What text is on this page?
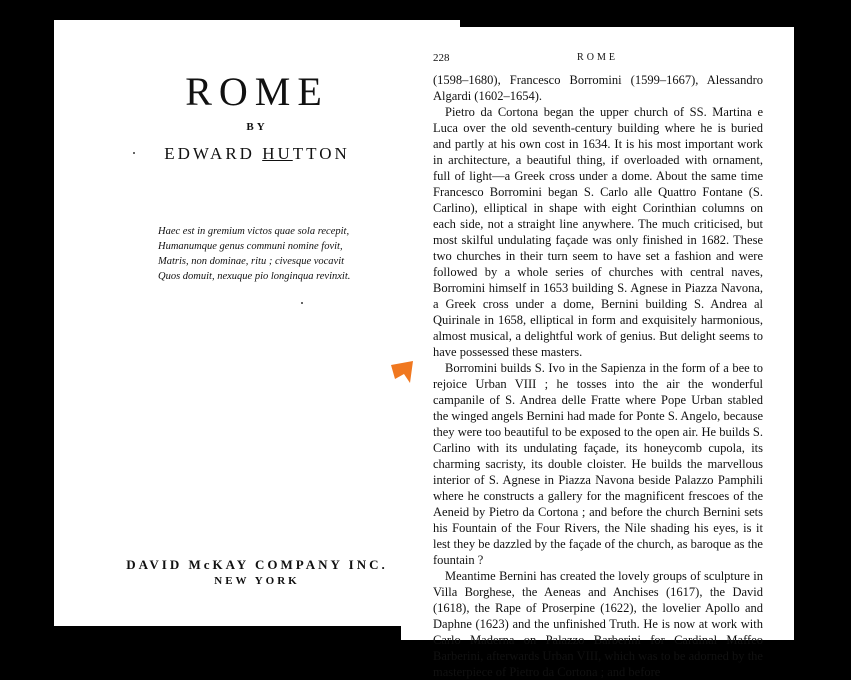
ROME
BY
EDWARD HUTTON
Haec est in gremium victos quae sola recepit,
Humanumque genus communi nomine fovit,
Matris, non dominae, ritu ; civesque vocavit
Quos domuit, nexuque pio longinqua revinxit.
DAVID McKAY COMPANY INC.
NEW YORK
228	ROME

(1598–1680), Francesco Borromini (1599–1667), Alessandro Algardi (1602–1654).

Pietro da Cortona began the upper church of SS. Martina e Luca over the old seventh-century building where he is buried and partly at his own cost in 1634. It is his most important work in architecture, a beautiful thing, if overloaded with ornament, full of light—a Greek cross under a dome. About the same time Francesco Borromini began S. Carlo alle Quattro Fontane (S. Carlino), elliptical in shape with eight Corinthian columns on each side, not a straight line anywhere. The much criticised, but most skilful undulating façade was only finished in 1682. These two churches in their turn seem to have set a fashion and were followed by a whole series of churches with central naves, Borromini himself in 1653 building S. Agnese in Piazza Navona, a Greek cross under a dome, Bernini building S. Andrea al Quirinale in 1658, elliptical in form and exquisitely harmonious, almost musical, a delightful work of genius. But delight seems to have possessed these masters.

Borromini builds S. Ivo in the Sapienza in the form of a bee to rejoice Urban VIII ; he tosses into the air the wonderful campanile of S. Andrea delle Fratte where Pope Urban stabled the winged angels Bernini had made for Ponte S. Angelo, because they were too beautiful to be exposed to the open air. He builds S. Carlino with its undulating façade, its honeycomb cupola, its charming sacristy, its double cloister. He builds the marvellous interior of S. Agnese in Piazza Navona beside Palazzo Pamphili where he constructs a gallery for the magnificent frescoes of the Aeneid by Pietro da Cortona ; and before the church Bernini sets his Fountain of the Four Rivers, the Nile shading his eyes, is it lest they be dazzled by the façade of the church, as baroque as the fountain ?

Meantime Bernini has created the lovely groups of sculpture in Villa Borghese, the Aeneas and Anchises (1617), the David (1618), the Rape of Proserpine (1622), the lovelier Apollo and Daphne (1623) and the unfinished Truth. He is now at work with Carlo Maderna on Palazzo Barberini for Cardinal Maffeo Barberini, afterwards Urban VIII, which was to be adorned by the masterpiece of Pietro da Cortona ; and before
